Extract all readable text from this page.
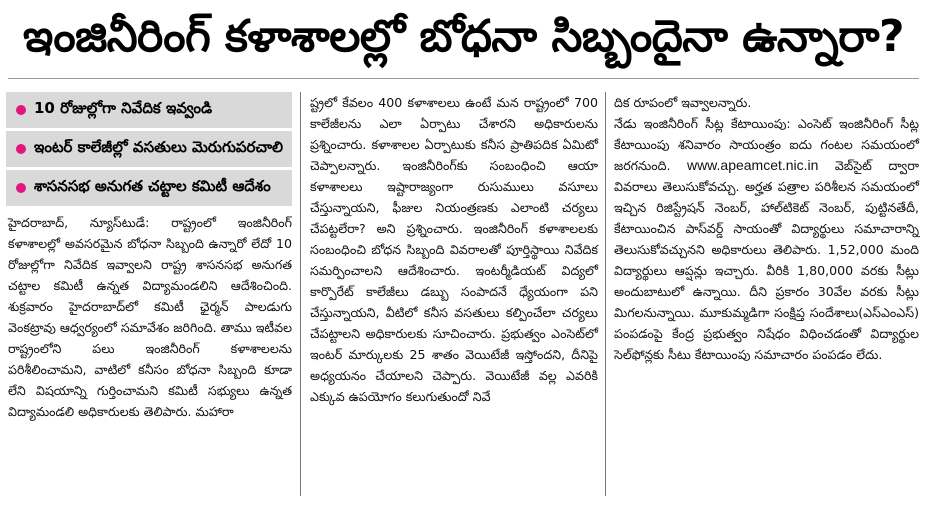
ఇంజినీరింగ్ కళాశాలల్లో బోధనా సిబ్బందైనా ఉన్నారా?
10 రోజుల్లోగా నివేదిక ఇవ్వండి
ఇంటర్ కాలేజీల్లో వసతులు మెరుగుపరచాలి
శాసనసభ అనుగత చట్టాల కమిటీ ఆదేశం

హైదరాబాద్, న్యూస్‌టుడే: రాష్ట్రంలో ఇంజినీరింగ్ కళాశాలల్లో అవసరమైన బోధనా సిబ్బంది ఉన్నారో లేదో 10 రోజుల్లోగా నివేదిక ఇవ్వాలని రాష్ట్ర శాసనసభ అనుగత చట్టాల కమిటీ ఉన్నత విద్యామండలిని ఆదేశించింది. శుక్రవారం హైదరాబాద్‌లో కమిటీ ఛైర్మన్ పాలడుగు వెంకట్రావు ఆధ్వర్యంలో సమావేశం జరిగింది. తాము ఇటీవల రాష్ట్రంలోని పలు ఇంజినీరింగ్ కళాశాలలను పరిశీలించామని, వాటిలో కనీసం బోధనా సిబ్బంది కూడా లేని విషయాన్ని గుర్తించామని కమిటీ సభ్యులు ఉన్నత విద్యామండలి అధికారులకు తెలిపారు. మహారా

ష్ట్రలో కేవలం 400 కళాశాలలు ఉంటే మన రాష్ట్రంలో 700 కాలేజీలను ఎలా ఏర్పాటు చేశారని అధికారులను ప్రశ్నించారు. కళాశాలల ఏర్పాటుకు కనీస ప్రాతిపదిక ఏమిటో చెప్పాలన్నారు. ఇంజినీరింగ్‌కు సంబంధించి ఆయా కళాశాలలు ఇష్టారాజ్యంగా రుసుములు వసూలు చేస్తున్నాయని, ఫీజుల నియంత్రణకు ఎలాంటి చర్యలు చేపట్టలేరా? అని ప్రశ్నించారు. ఇంజినీరింగ్ కళాశాలలకు సంబంధించి బోధన సిబ్బంది వివరాలతో పూర్తిస్థాయి నివేదిక సమర్పించాలని ఆదేశించారు. ఇంటర్మీడియట్ విద్యలో కార్పొరేట్ కాలేజీలు డబ్బు సంపాదనే ధ్యేయంగా పని చేస్తున్నాయని, వీటిలో కనీస వసతులు కల్పించేలా చర్యలు చేపట్టాలని అధికారులకు సూచించారు. ప్రభుత్వం ఎంసెట్‌లో ఇంటర్ మార్కులకు 25 శాతం వెయిటేజీ ఇస్తోందని, దీనిపై అధ్యయనం చేయాలని చెప్పారు. వెయిటేజీ వల్ల ఎవరికి ఎక్కువ ఉపయోగం కలుగుతుందో నివే

దిక రూపంలో ఇవ్వాలన్నారు.

నేడు ఇంజినీరింగ్ సీట్ల కేటాయింపు: ఎంసెట్ ఇంజినీరింగ్ సీట్ల కేటాయింపు శనివారం సాయంత్రం ఐదు గంటల సమయంలో జరగనుంది. www.apeamcet.nic.in వెబ్‌సైట్ ద్వారా వివరాలు తెలుసుకోవచ్చు. అర్హత పత్రాల పరిశీలన సమయంలో ఇచ్చిన రిజిస్ట్రేషన్ నెంబర్, హాల్‌టికెట్ నెంబర్, పుట్టినతేదీ, కేటాయించిన పాస్‌వర్డ్ సాయంతో విద్యార్థులు సమాచారాన్ని తెలుసుకోవచ్చునని అధికారులు తెలిపారు. 1,52,000 మంది విద్యార్థులు ఆప్షన్లు ఇచ్చారు. వీరికి 1,80,000 వరకు సీట్లు అందుబాటులో ఉన్నాయి. దీని ప్రకారం 30వేల వరకు సీట్లు మిగలనున్నాయి. మూకుమ్మడిగా సంక్షిప్త సందేశాలు(ఎస్ఎంఎస్) పంపడంపై కేంద్ర ప్రభుత్వం నిషేధం విధించడంతో విద్యార్థుల సెల్‌ఫోన్లకు సీటు కేటాయింపు సమాచారం పంపడం లేదు.
